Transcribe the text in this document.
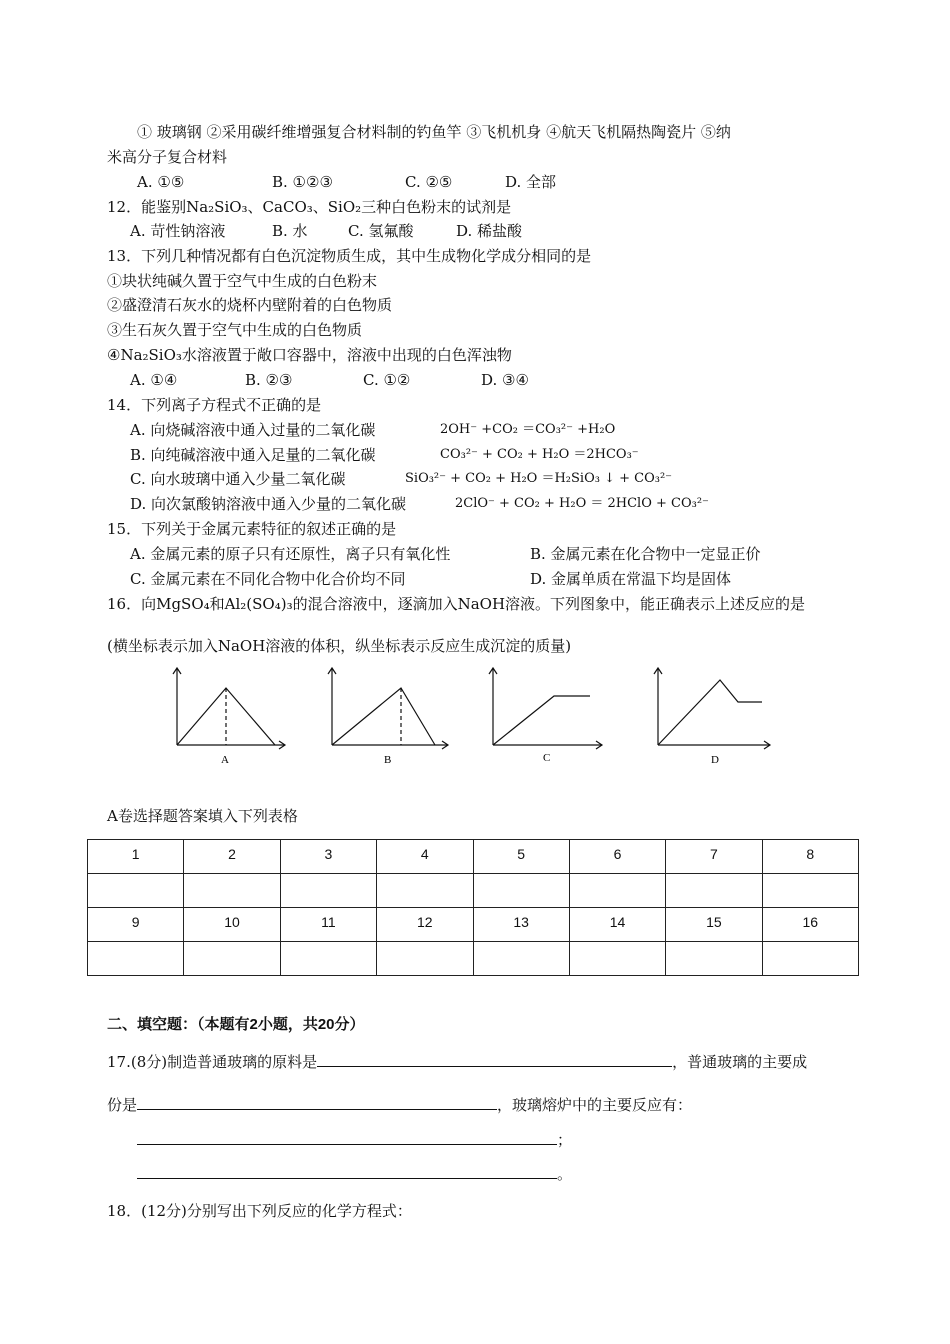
① 玻璃钢 ②采用碳纤维增强复合材料制的钓鱼竿 ③飞机机身 ④航天飞机隔热陶瓷片 ⑤纳
米高分子复合材料
A. ①⑤	B. ①②③	C. ②⑤	D. 全部
12．能鉴别Na₂SiO₃、CaCO₃、SiO₂三种白色粉末的试剂是
A. 苛性钠溶液	B. 水	C. 氢氟酸	D. 稀盐酸
13．下列几种情况都有白色沉淀物质生成，其中生成物化学成分相同的是
①块状纯碱久置于空气中生成的白色粉末
②盛澄清石灰水的烧杯内壁附着的白色物质
③生石灰久置于空气中生成的白色物质
④Na₂SiO₃水溶液置于敞口容器中，溶液中出现的白色浑浊物
A. ①④	B. ②③	C. ①②	D. ③④
14．下列离子方程式不正确的是
A. 向烧碱溶液中通入过量的二氧化碳	2OH⁻ +CO₂ ＝CO₃²⁻ +H₂O
B. 向纯碱溶液中通入足量的二氧化碳	CO₃²⁻ + CO₂ + H₂O ＝2HCO₃⁻
C. 向水玻璃中通入少量二氧化碳	SiO₃²⁻ + CO₂ + H₂O ＝H₂SiO₃ ↓ + CO₃²⁻
D. 向次氯酸钠溶液中通入少量的二氧化碳	2ClO⁻ + CO₂ + H₂O ＝ 2HClO + CO₃²⁻
15．下列关于金属元素特征的叙述正确的是
A. 金属元素的原子只有还原性，离子只有氧化性	B. 金属元素在化合物中一定显正价
C. 金属元素在不同化合物中化合价均不同	D. 金属单质在常温下均是固体
16．向MgSO₄和Al₂(SO₄)₃的混合溶液中，逐滴加入NaOH溶液。下列图象中，能正确表示上述反应的是
(横坐标表示加入NaOH溶液的体积，纵坐标表示反应生成沉淀的质量)
A	B	C	D
A卷选择题答案填入下列表格
1	2	3	4	5	6	7	8

9	10	11	12	13	14	15	16

二、填空题：（本题有2小题，共20分）
17.(8分)制造普通玻璃的原料是	，普通玻璃的主要成
份是	，玻璃熔炉中的主要反应有：
；
。
18．(12分)分别写出下列反应的化学方程式：
